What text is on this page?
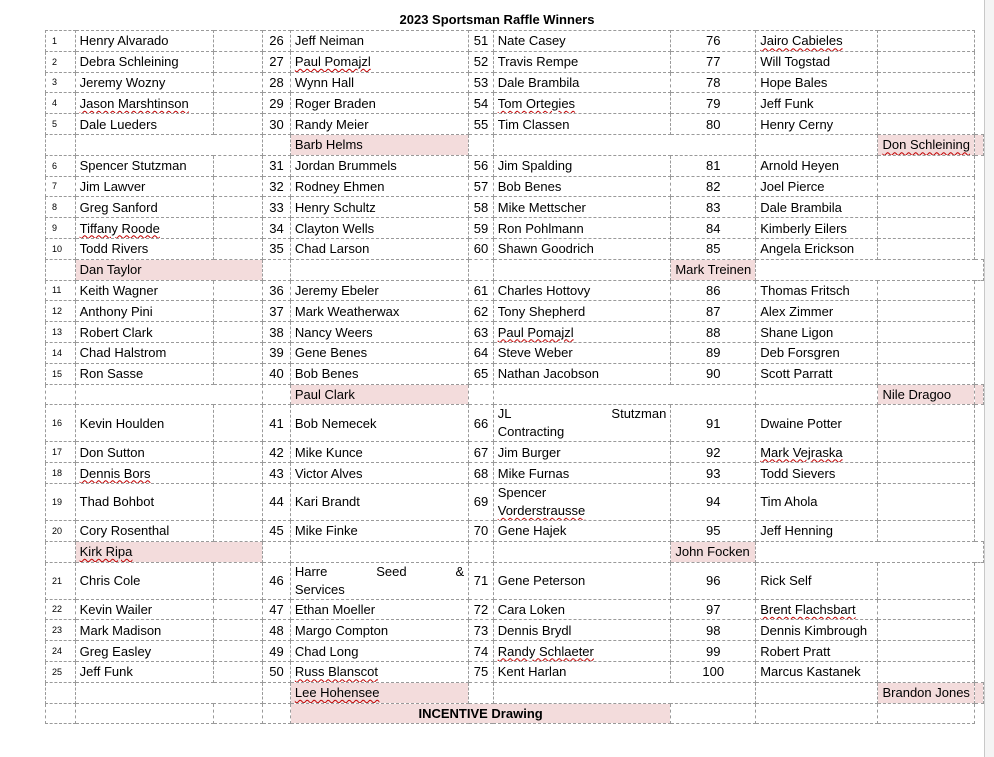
2023 Sportsman Raffle Winners
1	Henry Alvarado		26	Jeff Neiman	51	Nate Casey	76	Jairo Cabieles		
2	Debra Schleining		27	Paul Pomajzl	52	Travis Rempe	77	Will Togstad		
3	Jeremy Wozny		28	Wynn Hall	53	Dale Brambila	78	Hope Bales		
4	Jason Marshtinson		29	Roger Braden	54	Tom Ortegies	79	Jeff Funk		
5	Dale Lueders		30	Randy Meier	55	Tim Classen	80	Henry Cerny		
				Barb Helms					Don Schleining	
6	Spencer Stutzman		31	Jordan Brummels	56	Jim Spalding	81	Arnold Heyen		
7	Jim Lawver		32	Rodney Ehmen	57	Bob Benes	82	Joel Pierce		
8	Greg Sanford		33	Henry Schultz	58	Mike Mettscher	83	Dale Brambila		
9	Tiffany Roode		34	Clayton Wells	59	Ron Pohlmann	84	Kimberly Eilers		
10	Todd Rivers		35	Chad Larson	60	Shawn Goodrich	85	Angela Erickson		
	Dan Taylor						Mark Treinen			
11	Keith Wagner		36	Jeremy Ebeler	61	Charles Hottovy	86	Thomas Fritsch		
12	Anthony Pini		37	Mark Weatherwax	62	Tony Shepherd	87	Alex Zimmer		
13	Robert Clark		38	Nancy Weers	63	Paul Pomajzl	88	Shane Ligon		
14	Chad Halstrom		39	Gene Benes	64	Steve Weber	89	Deb Forsgren		
15	Ron Sasse		40	Bob Benes	65	Nathan Jacobson	90	Scott Parratt		
				Paul Clark					Nile Dragoo	
16	Kevin Houlden		41	Bob Nemecek	66	JL Stutzman
Contracting	91	Dwaine Potter		
17	Don Sutton		42	Mike Kunce	67	Jim Burger	92	Mark Vejraska		
18	Dennis Bors		43	Victor Alves	68	Mike Furnas	93	Todd Sievers		
19	Thad Bohbot		44	Kari Brandt	69	Spencer
Vorderstrausse	94	Tim Ahola		
20	Cory Rosenthal		45	Mike Finke	70	Gene Hajek	95	Jeff Henning		
	Kirk Ripa						John Focken			
21	Chris Cole		46	Harre Seed &
Services	71	Gene Peterson	96	Rick Self		
22	Kevin Wailer		47	Ethan Moeller	72	Cara Loken	97	Brent Flachsbart		
23	Mark Madison		48	Margo Compton	73	Dennis Brydl	98	Dennis Kimbrough		
24	Greg Easley		49	Chad Long	74	Randy Schlaeter	99	Robert Pratt		
25	Jeff Funk		50	Russ Blanscot	75	Kent Harlan	100	Marcus Kastanek		
				Lee Hohensee					Brandon Jones	
				INCENTIVE Drawing						
